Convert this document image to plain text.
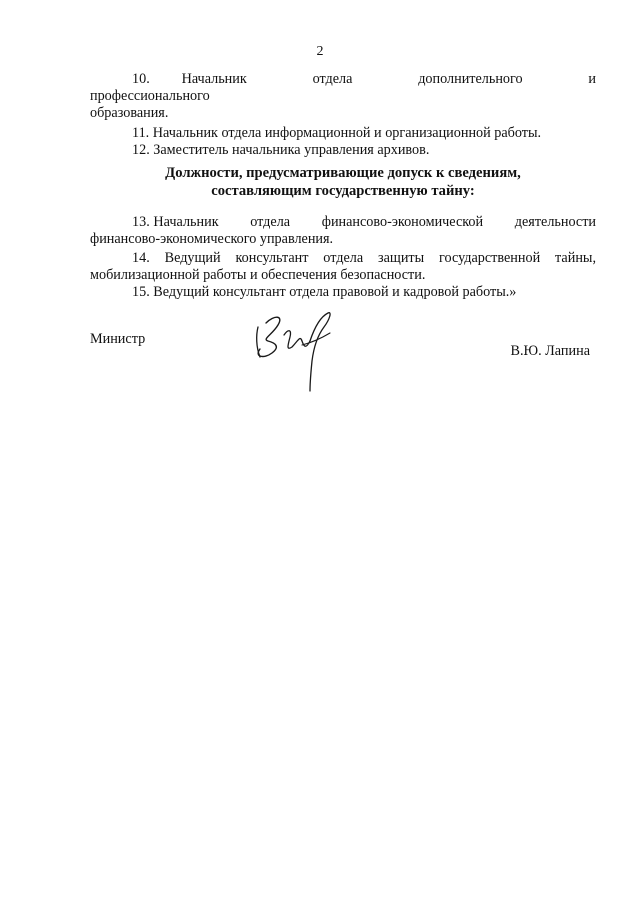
2

10. Начальник отдела дополнительного и профессионального

образования.

11. Начальник отдела информационной и организационной работы.

12. Заместитель начальника управления архивов.

Должности, предусматривающие допуск к сведениям,
составляющим государственную тайну:

13. Начальник отдела финансово-экономической деятельности

финансово-экономического управления.

14. Ведущий консультант отдела защиты государственной тайны, мобилизационной работы и обеспечения безопасности.

15. Ведущий консультант отдела правовой и кадровой работы.»

Министр
В.Ю. Лапина
